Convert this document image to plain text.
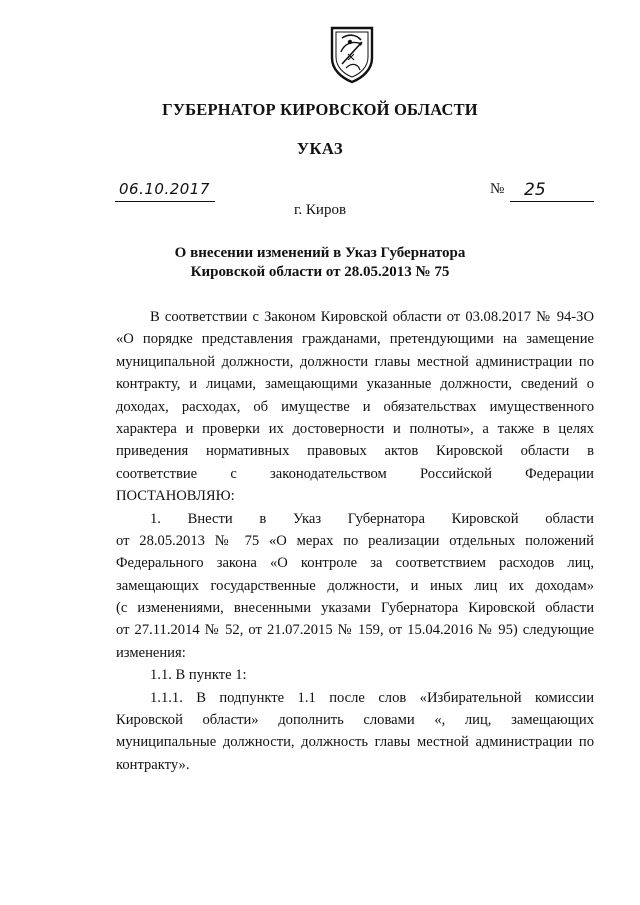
ГУБЕРНАТОР КИРОВСКОЙ ОБЛАСТИ
УКАЗ
06.10.2017	№ 25
г. Киров
О внесении изменений в Указ Губернатора
Кировской области от 28.05.2013 № 75
В соответствии с Законом Кировской области от 03.08.2017 № 94-ЗО
«О порядке представления гражданами, претендующими на замещение
муниципальной должности, должности главы местной администрации по
контракту, и лицами, замещающими указанные должности, сведений о
доходах, расходах, об имуществе и обязательствах имущественного
характера и проверки их достоверности и полноты», а также в целях
приведения нормативных правовых актов Кировской области в
соответствие с законодательством Российской Федерации
ПОСТАНОВЛЯЮ:
1. Внести в Указ Губернатора Кировской области
от 28.05.2013 № 75 «О мерах по реализации отдельных положений
Федерального закона «О контроле за соответствием расходов лиц,
замещающих государственные должности, и иных лиц их доходам»
(с изменениями, внесенными указами Губернатора Кировской области
от 27.11.2014 № 52, от 21.07.2015 № 159, от 15.04.2016 № 95) следующие
изменения:
1.1. В пункте 1:
1.1.1. В подпункте 1.1 после слов «Избирательной комиссии
Кировской области» дополнить словами «, лиц, замещающих
муниципальные должности, должность главы местной администрации по
контракту».
